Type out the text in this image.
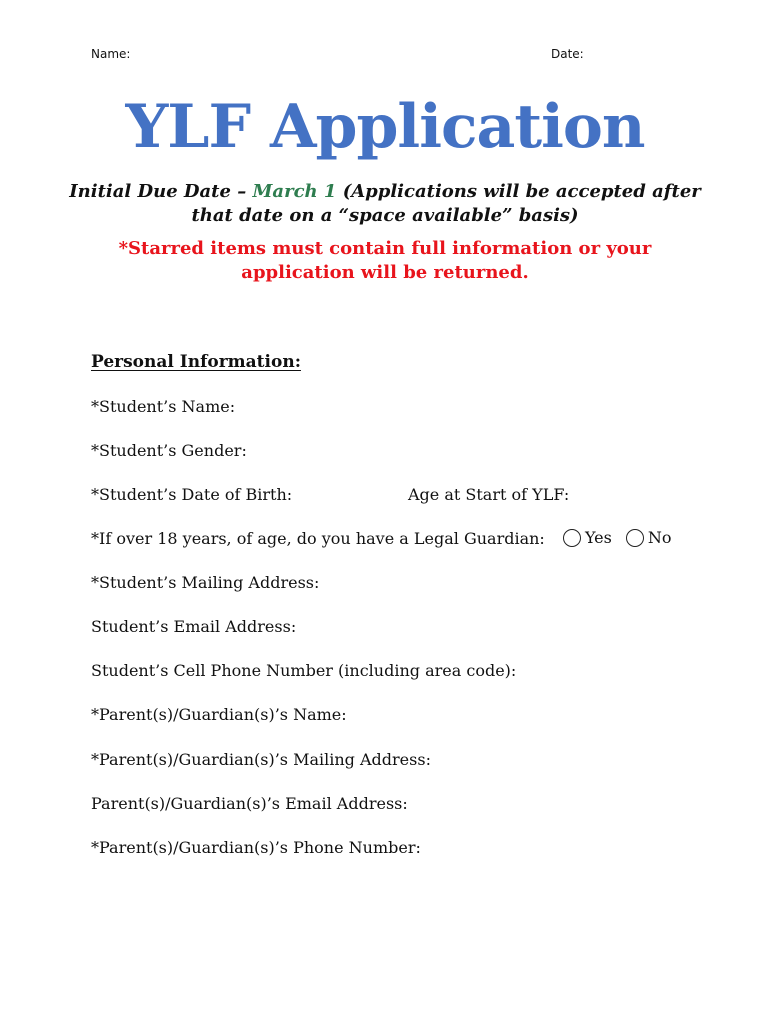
Name:	Date:
YLF Application
Initial Due Date – March 1 (Applications will be accepted after that date on a “space available” basis)
*Starred items must contain full information or your application will be returned.
Personal Information:
*Student’s Name:
*Student’s Gender:
*Student’s Date of Birth:	Age at Start of YLF:
*If over 18 years, of age, do you have a Legal Guardian:	Yes No
*Student’s Mailing Address:
Student’s Email Address:
Student’s Cell Phone Number (including area code):
*Parent(s)/Guardian(s)’s Name:
*Parent(s)/Guardian(s)’s Mailing Address:
Parent(s)/Guardian(s)’s Email Address:
*Parent(s)/Guardian(s)’s Phone Number:
